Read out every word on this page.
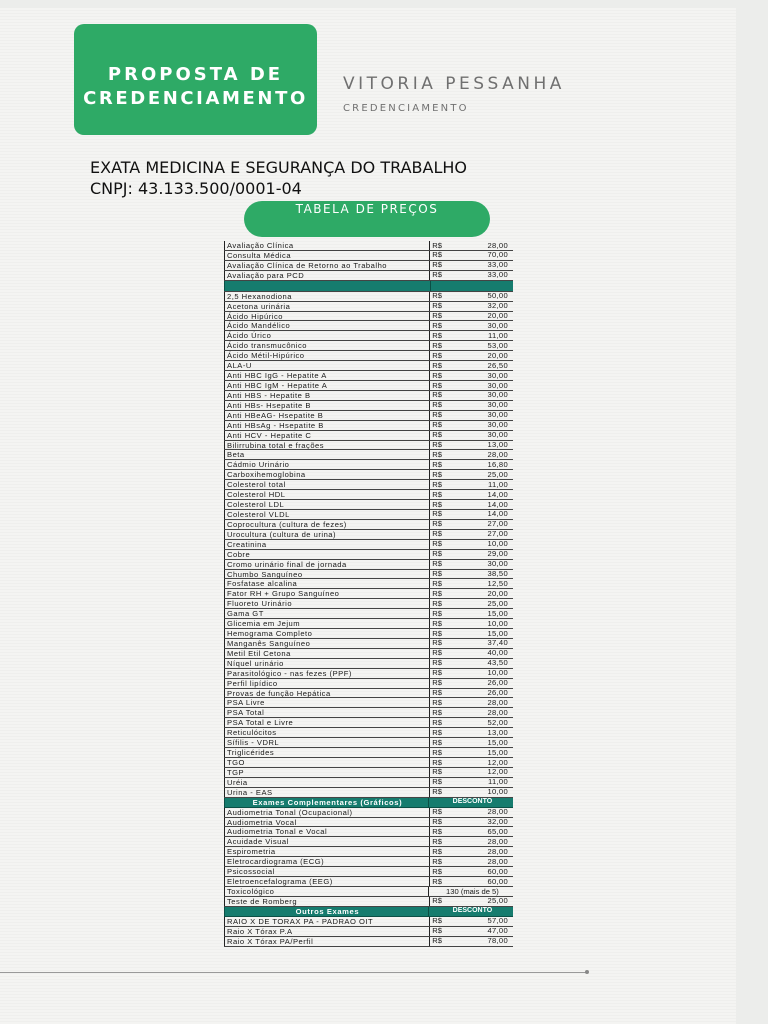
PROPOSTA DE
CREDENCIAMENTO
VITORIA PESSANHA
CREDENCIAMENTO
EXATA MEDICINA E SEGURANÇA DO TRABALHO
CNPJ: 43.133.500/0001-04
TABELA DE PREÇOS
Avaliação Clínica	R$	28,00
Consulta Médica	R$	70,00
Avaliação Clínica de Retorno ao Trabalho	R$	33,00
Avaliação para PCD	R$	33,00
2,5 Hexanodiona	R$	50,00
Acetona urinária	R$	32,00
Ácido Hipúrico	R$	20,00
Ácido Mandélico	R$	30,00
Ácido Úrico	R$	11,00
Ácido transmucônico	R$	53,00
Ácido Métil-Hipúrico	R$	20,00
ALA-U	R$	26,50
Anti HBC IgG - Hepatite A	R$	30,00
Anti HBC IgM - Hepatite A	R$	30,00
Anti HBS - Hepatite B	R$	30,00
Anti HBs- Hsepatite B	R$	30,00
Anti HBeAG- Hsepatite B	R$	30,00
Anti HBsAg - Hsepatite B	R$	30,00
Anti HCV - Hepatite C	R$	30,00
Bilirrubina total e frações	R$	13,00
Beta	R$	28,00
Cádmio Urinário	R$	16,80
Carboxihemoglobina	R$	25,00
Colesterol total	R$	11,00
Colesterol HDL	R$	14,00
Colesterol LDL	R$	14,00
Colesterol VLDL	R$	14,00
Coprocultura (cultura de fezes)	R$	27,00
Urocultura (cultura de urina)	R$	27,00
Creatinina	R$	10,00
Cobre	R$	29,00
Cromo urinário final de jornada	R$	30,00
Chumbo Sanguíneo	R$	38,50
Fosfatase alcalina	R$	12,50
Fator RH + Grupo Sanguíneo	R$	20,00
Fluoreto Urinário	R$	25,00
Gama GT	R$	15,00
Glicemia em Jejum	R$	10,00
Hemograma Completo	R$	15,00
Manganês Sanguíneo	R$	37,40
Metil Etil Cetona	R$	40,00
Níquel urinário	R$	43,50
Parasitológico - nas fezes (PPF)	R$	10,00
Perfil lipídico	R$	26,00
Provas de função Hepática	R$	26,00
PSA Livre	R$	28,00
PSA Total	R$	28,00
PSA Total e Livre	R$	52,00
Reticulócitos	R$	13,00
Sífilis - VDRL	R$	15,00
Triglicérides	R$	15,00
TGO	R$	12,00
TGP	R$	12,00
Uréia	R$	11,00
Urina - EAS	R$	10,00
Exames Complementares (Gráficos)	DESCONTO
Audiometria Tonal (Ocupacional)	R$	28,00
Audiometria Vocal	R$	32,00
Audiometria Tonal e Vocal	R$	65,00
Acuidade Visual	R$	28,00
Espirometria	R$	28,00
Eletrocardiograma (ECG)	R$	28,00
Psicossocial	R$	60,00
Eletroencefalograma (EEG)	R$	60,00
Toxicológico	130 (mais de 5)
Teste de Romberg	R$	25,00
Outros Exames	DESCONTO
RAIO X DE TORAX PA - PADRAO OIT	R$	57,00
Raio X Tórax P.A	R$	47,00
Raio X Tórax PA/Perfil	R$	78,00
